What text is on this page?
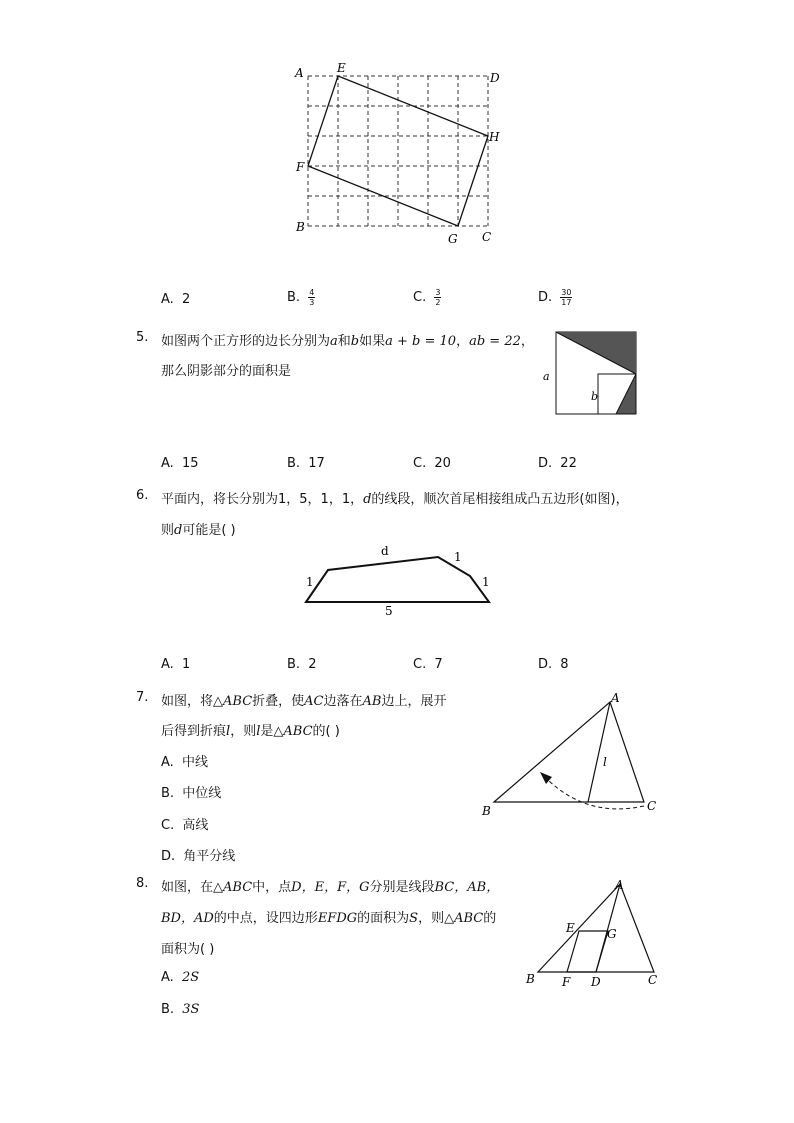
A	E
D
H
F
B
G C
A. 2	B. $\frac{4}{3}$	C. $\frac{3}{2}$	D. $\frac{30}{17}$
5. 如图两个正方形的边长分别为a和b如果a + b = 10，ab = 22，
那么阴影部分的面积是	a
b
A. 15	B. 17	C. 20	D. 22
6. 平面内，将长分别为1，5，1，1，d的线段，顺次首尾相接组成凸五边形(如图)，
则d可能是( )
d
1
1
1
5
A. 1	B. 2	C. 7	D. 8
7. 如图，将△ABC折叠，使AC边落在AB边上，展开
后得到折痕l，则l是△ABC的( )
A. 中线
B. 中位线
C. 高线
D. 角平分线
A
B	C
l
8. 如图，在△ABC中，点D，E，F，G分别是线段BC，AB，
BD，AD的中点，设四边形EFDG的面积为S，则△ABC的
面积为( )
A. 2S
B. 3S
A
B	C
D
E
F
G
